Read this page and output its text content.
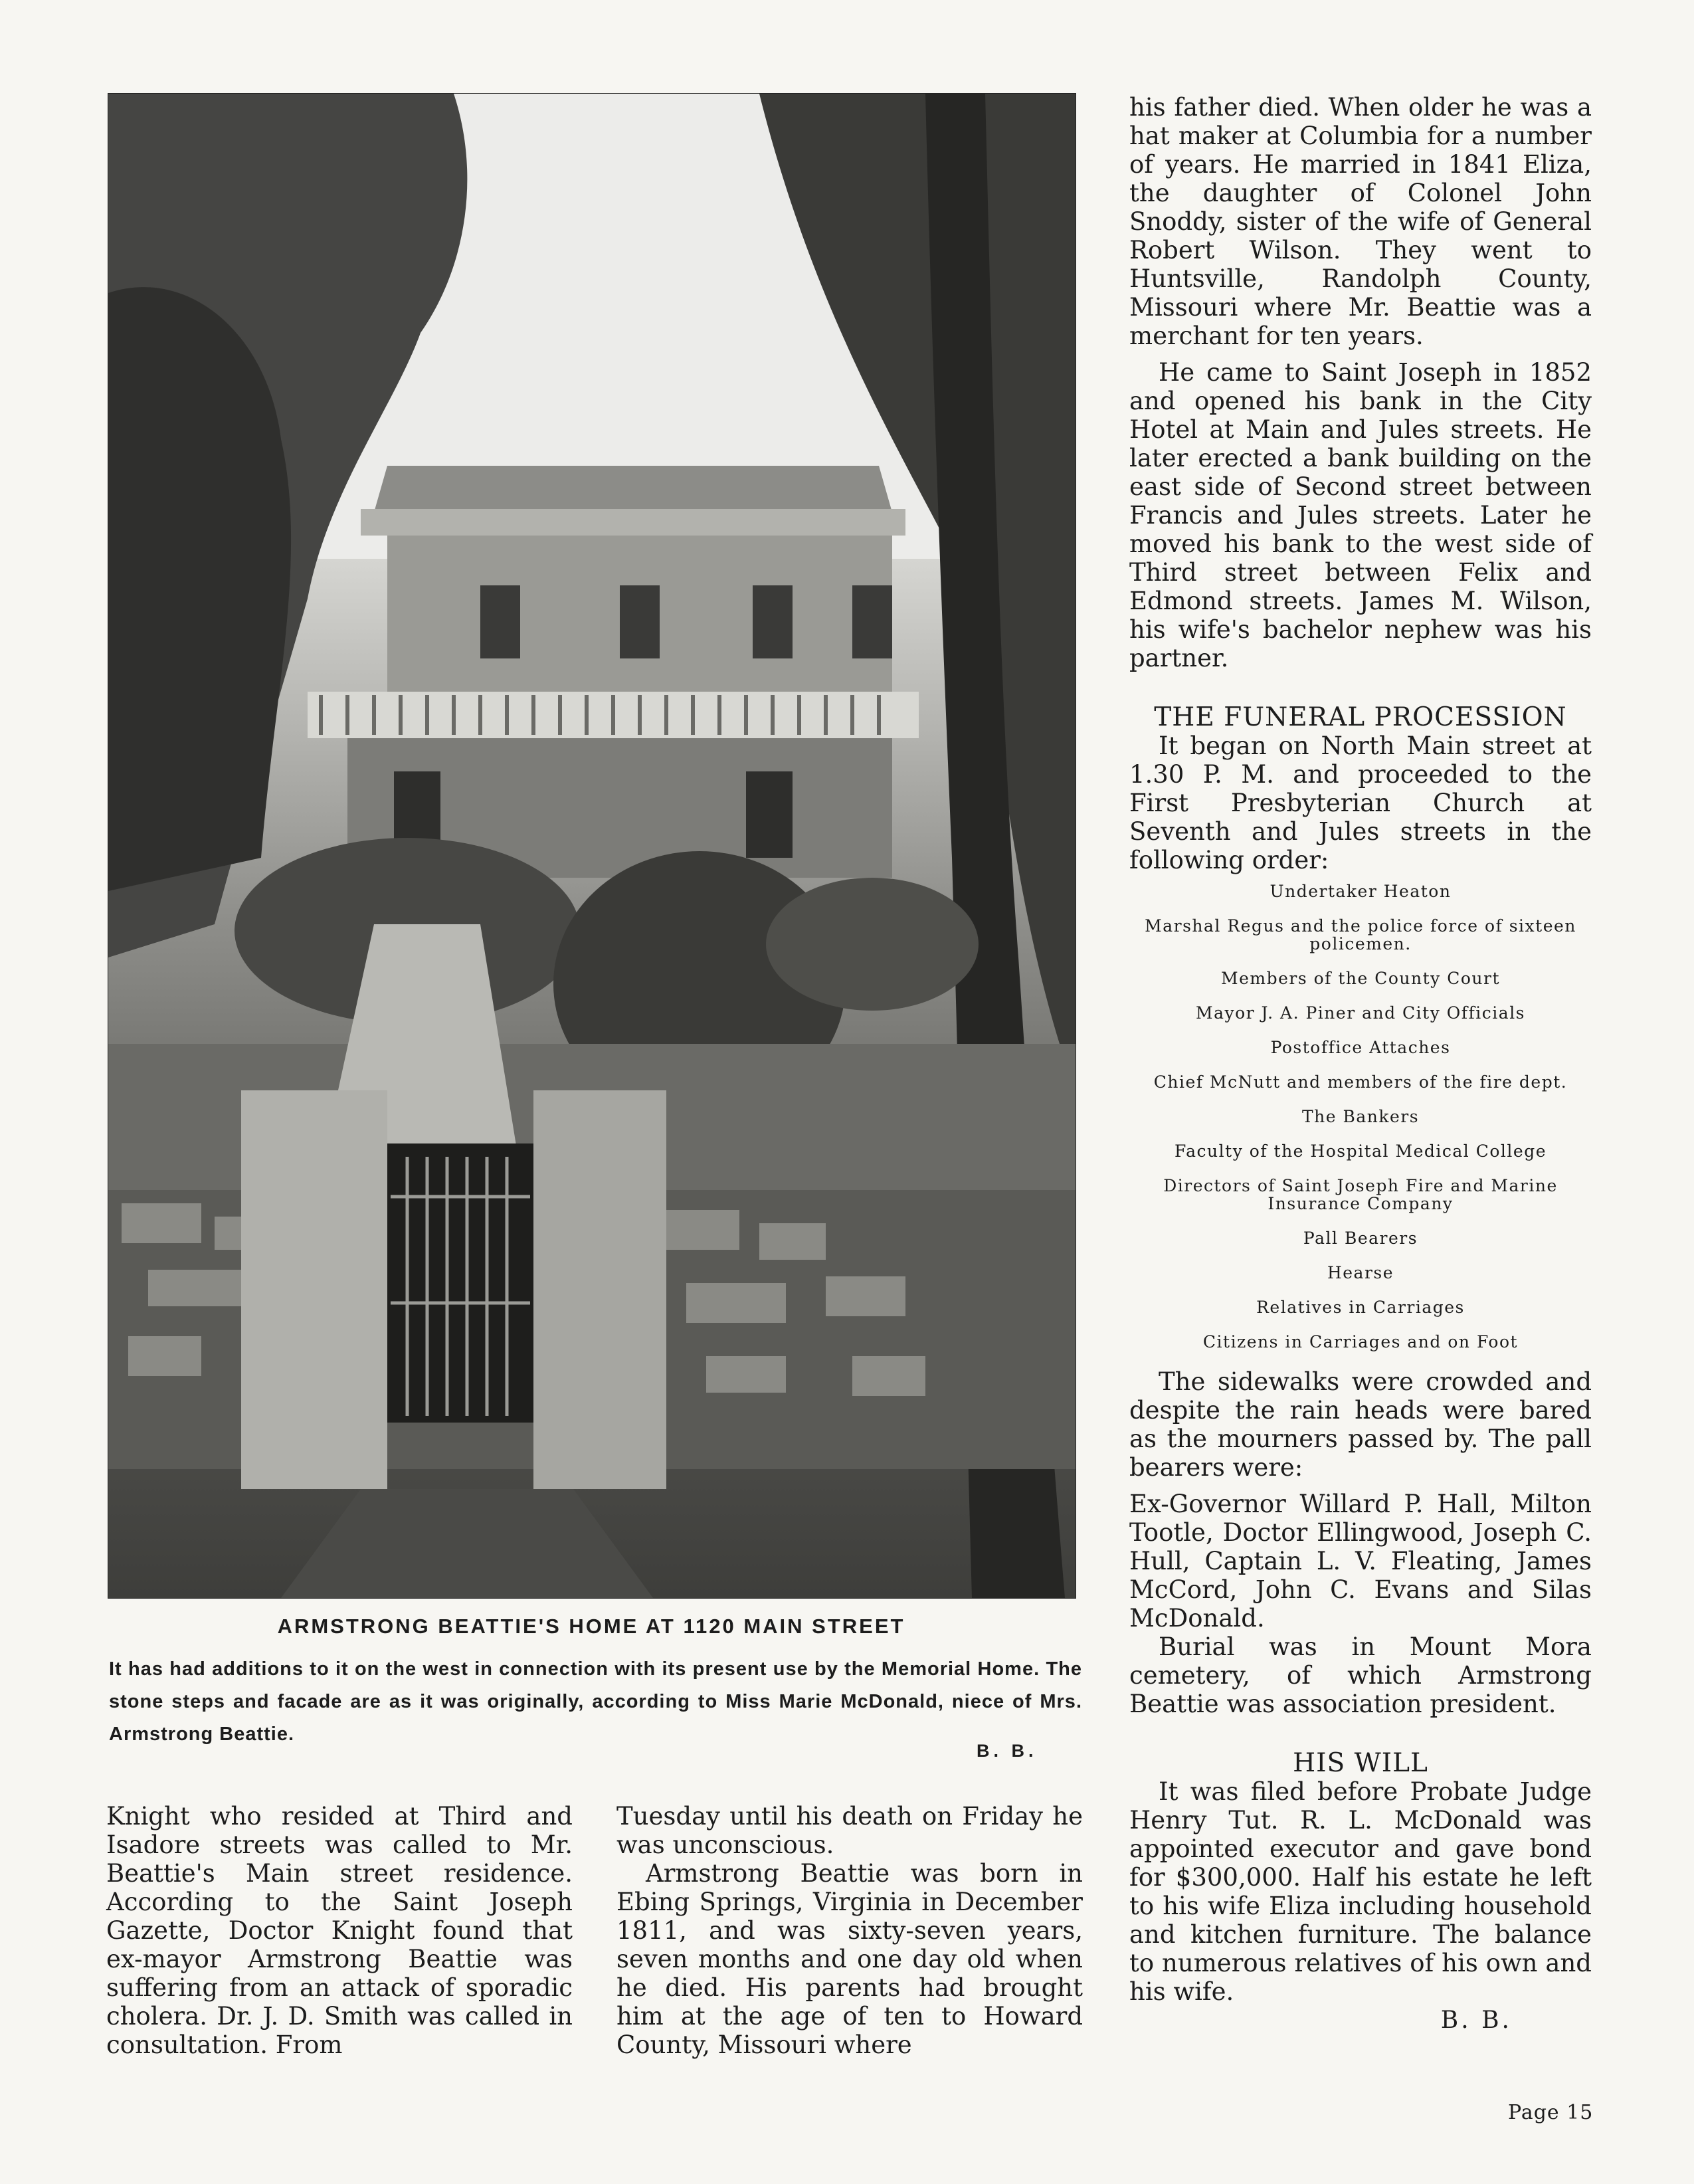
ARMSTRONG BEATTIE'S HOME AT 1120 MAIN STREET
It has had additions to it on the west in connection with its present use by the Memorial Home. The stone steps and facade are as it was originally, according to Miss Marie McDonald, niece of Mrs. Armstrong Beattie.
B. B.

Knight who resided at Third and Isadore streets was called to Mr. Beattie's Main street residence. According to the Saint Joseph Gazette, Doctor Knight found that ex-mayor Armstrong Beattie was suffering from an attack of sporadic cholera. Dr. J. D. Smith was called in consultation. From

Tuesday until his death on Friday he was unconscious.

Armstrong Beattie was born in Ebing Springs, Virginia in December 1811, and was sixty-seven years, seven months and one day old when he died. His parents had brought him at the age of ten to Howard County, Missouri where

his father died. When older he was a hat maker at Columbia for a number of years. He married in 1841 Eliza, the daughter of Colonel John Snoddy, sister of the wife of General Robert Wilson. They went to Huntsville, Randolph County, Missouri where Mr. Beattie was a merchant for ten years.

He came to Saint Joseph in 1852 and opened his bank in the City Hotel at Main and Jules streets. He later erected a bank building on the east side of Second street between Francis and Jules streets. Later he moved his bank to the west side of Third street between Felix and Edmond streets. James M. Wilson, his wife's bachelor nephew was his partner.

THE FUNERAL PROCESSION

It began on North Main street at 1.30 P. M. and proceeded to the First Presbyterian Church at Seventh and Jules streets in the following order:

Undertaker Heaton
Marshal Regus and the police force of sixteen policemen.
Members of the County Court
Mayor J. A. Piner and City Officials
Postoffice Attaches
Chief McNutt and members of the fire dept.
The Bankers
Faculty of the Hospital Medical College
Directors of Saint Joseph Fire and Marine Insurance Company
Pall Bearers
Hearse
Relatives in Carriages
Citizens in Carriages and on Foot

The sidewalks were crowded and despite the rain heads were bared as the mourners passed by. The pall bearers were:

Ex-Governor Willard P. Hall, Milton Tootle, Doctor Ellingwood, Joseph C. Hull, Captain L. V. Fleating, James McCord, John C. Evans and Silas McDonald.

Burial was in Mount Mora cemetery, of which Armstrong Beattie was association president.

HIS WILL

It was filed before Probate Judge Henry Tut. R. L. McDonald was appointed executor and gave bond for $300,000. Half his estate he left to his wife Eliza including household and kitchen furniture. The balance to numerous relatives of his own and his wife.

B. B.

Page 15
